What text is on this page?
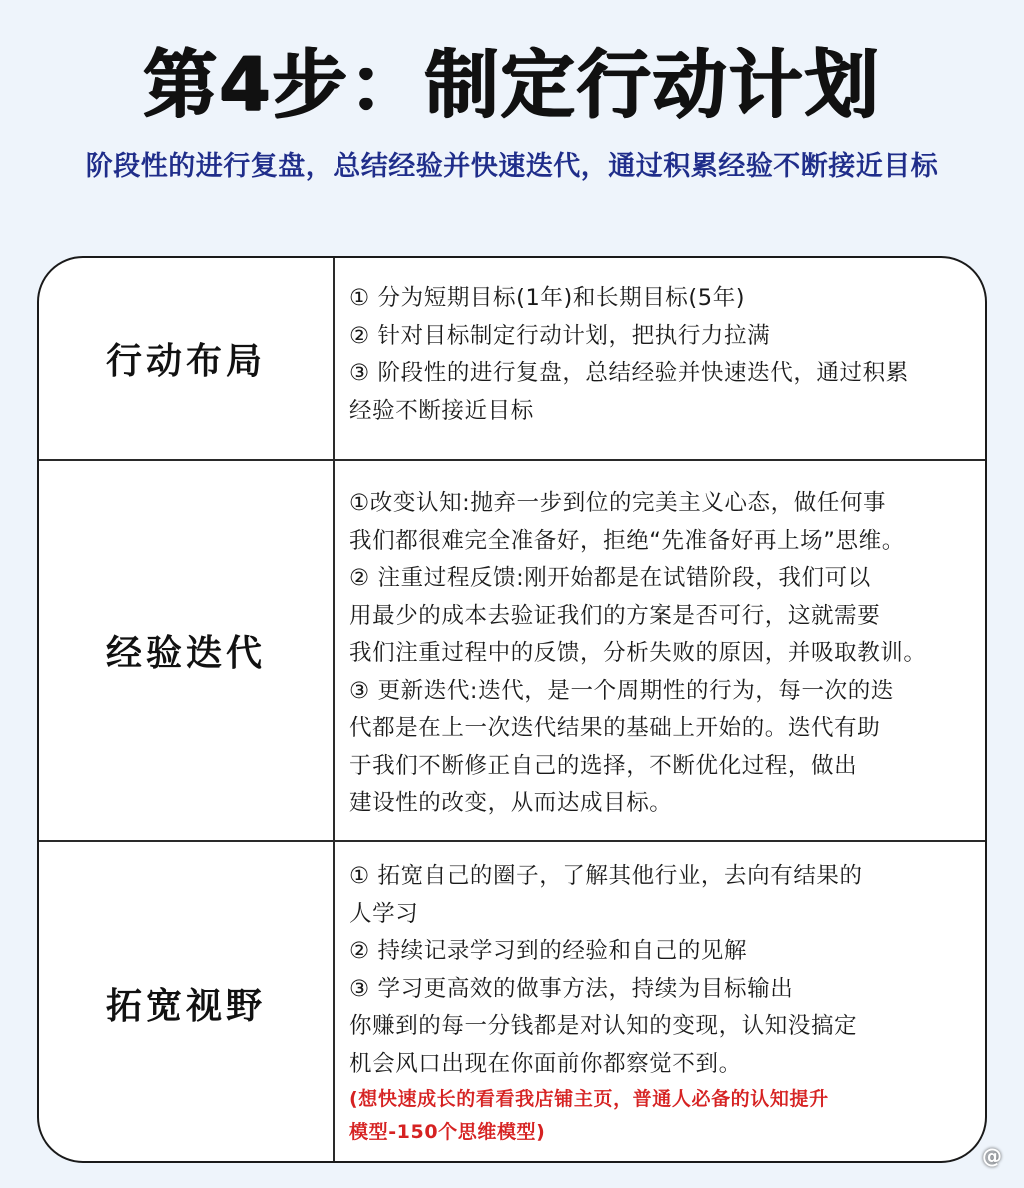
第4步：制定行动计划
阶段性的进行复盘，总结经验并快速迭代，通过积累经验不断接近目标
行动布局
① 分为短期目标(1年)和长期目标(5年)
② 针对目标制定行动计划，把执行力拉满
③ 阶段性的进行复盘，总结经验并快速迭代，通过积累
经验不断接近目标
经验迭代
①改变认知:抛弃一步到位的完美主义心态，做任何事
我们都很难完全准备好，拒绝“先准备好再上场”思维。
② 注重过程反馈:刚开始都是在试错阶段，我们可以
用最少的成本去验证我们的方案是否可行，这就需要
我们注重过程中的反馈，分析失败的原因，并吸取教训。
③ 更新迭代:迭代，是一个周期性的行为，每一次的迭
代都是在上一次迭代结果的基础上开始的。迭代有助
于我们不断修正自己的选择，不断优化过程，做出
建设性的改变，从而达成目标。
拓宽视野
① 拓宽自己的圈子，了解其他行业，去向有结果的
人学习
② 持续记录学习到的经验和自己的见解
③ 学习更高效的做事方法，持续为目标输出
你赚到的每一分钱都是对认知的变现，认知没搞定
机会风口出现在你面前你都察觉不到。
(想快速成长的看看我店铺主页，普通人必备的认知提升
模型-150个思维模型)
@
